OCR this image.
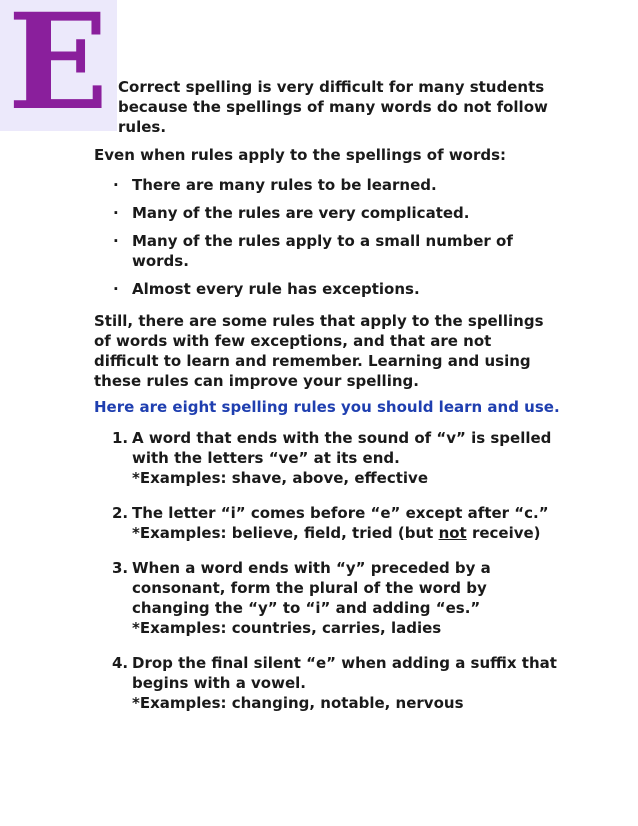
E Correct spelling is very difficult for many students
because the spellings of many words do not follow
rules.

Even when rules apply to the spellings of words:

· There are many rules to be learned.
· Many of the rules are very complicated.
· Many of the rules apply to a small number of
words.
· Almost every rule has exceptions.

Still, there are some rules that apply to the spellings
of words with few exceptions, and that are not
difficult to learn and remember. Learning and using
these rules can improve your spelling.

Here are eight spelling rules you should learn and use.

1. A word that ends with the sound of “v” is spelled
with the letters “ve” at its end.
*Examples: shave, above, effective
2. The letter “i” comes before “e” except after “c.”
*Examples: believe, field, tried (but not receive)
3. When a word ends with “y” preceded by a
consonant, form the plural of the word by
changing the “y” to “i” and adding “es.”
*Examples: countries, carries, ladies
4. Drop the final silent “e” when adding a suffix that
begins with a vowel.
*Examples: changing, notable, nervous
